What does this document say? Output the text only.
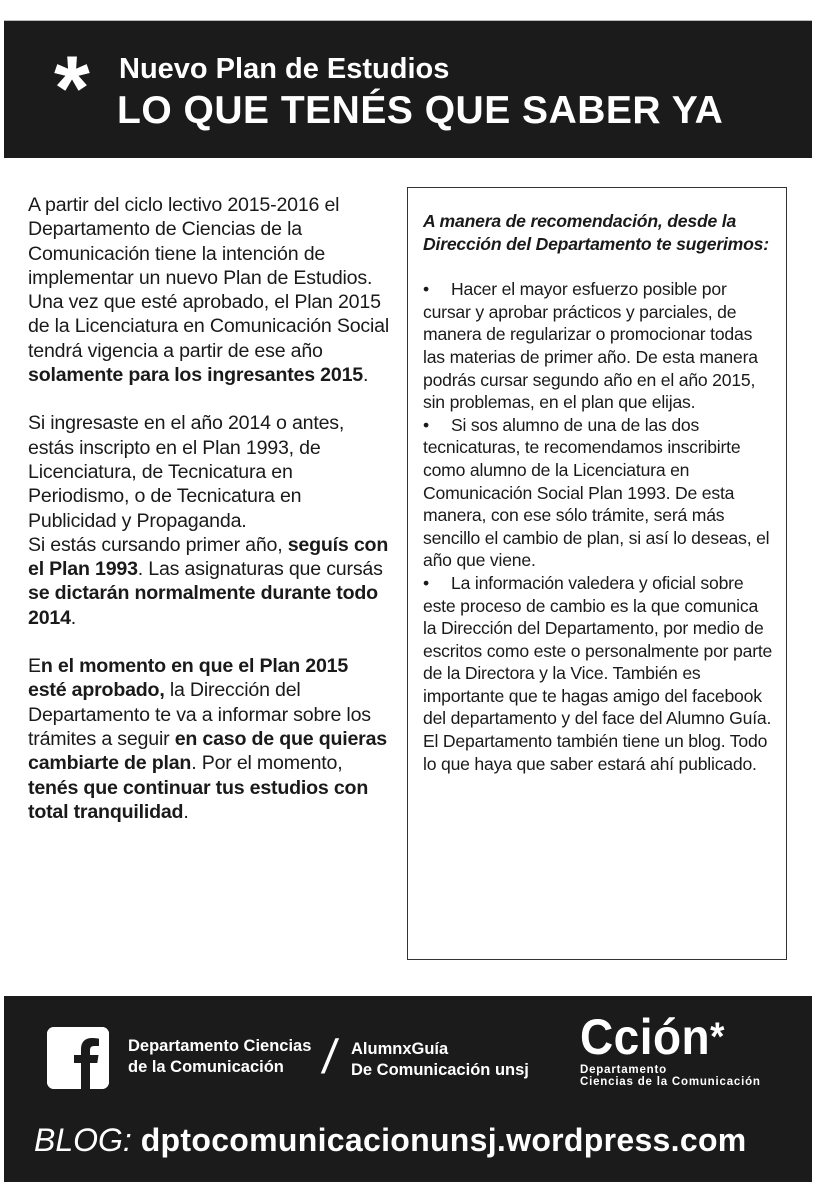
* Nuevo Plan de Estudios
LO QUE TENÉS QUE SABER YA

A partir del ciclo lectivo 2015-2016 el Departamento de Ciencias de la Comunicación tiene la intención de implementar un nuevo Plan de Estudios.
Una vez que esté aprobado, el Plan 2015 de la Licenciatura en Comunicación Social tendrá vigencia a partir de ese año solamente para los ingresantes 2015.

Si ingresaste en el año 2014 o antes, estás inscripto en el Plan 1993, de Licenciatura, de Tecnicatura en Periodismo, o de Tecnicatura en Publicidad y Propaganda.
Si estás cursando primer año, seguís con el Plan 1993. Las asignaturas que cursás se dictarán normalmente durante todo 2014.

En el momento en que el Plan 2015 esté aprobado, la Dirección del Departamento te va a informar sobre los trámites a seguir en caso de que quieras cambiarte de plan. Por el momento, tenés que continuar tus estudios con total tranquilidad.

A manera de recomendación, desde la Dirección del Departamento te sugerimos:

• Hacer el mayor esfuerzo posible por cursar y aprobar prácticos y parciales, de manera de regularizar o promocionar todas las materias de primer año. De esta manera podrás cursar segundo año en el año 2015, sin problemas, en el plan que elijas.

• Si sos alumno de una de las dos tecnicaturas, te recomendamos inscribirte como alumno de la Licenciatura en Comunicación Social Plan 1993. De esta manera, con ese sólo trámite, será más sencillo el cambio de plan, si así lo deseas, el año que viene.

• La información valedera y oficial sobre este proceso de cambio es la que comunica la Dirección del Departamento, por medio de escritos como este o personalmente por parte de la Directora y la Vice. También es importante que te hagas amigo del facebook del departamento y del face del Alumno Guía. El Departamento también tiene un blog. Todo lo que haya que saber estará ahí publicado.

Departamento Ciencias
de la Comunicación / AlumnxGuía
De Comunicación unsj
Cción*
Departamento
Ciencias de la Comunicación
BLOG: dptocomunicacionunsj.wordpress.com
